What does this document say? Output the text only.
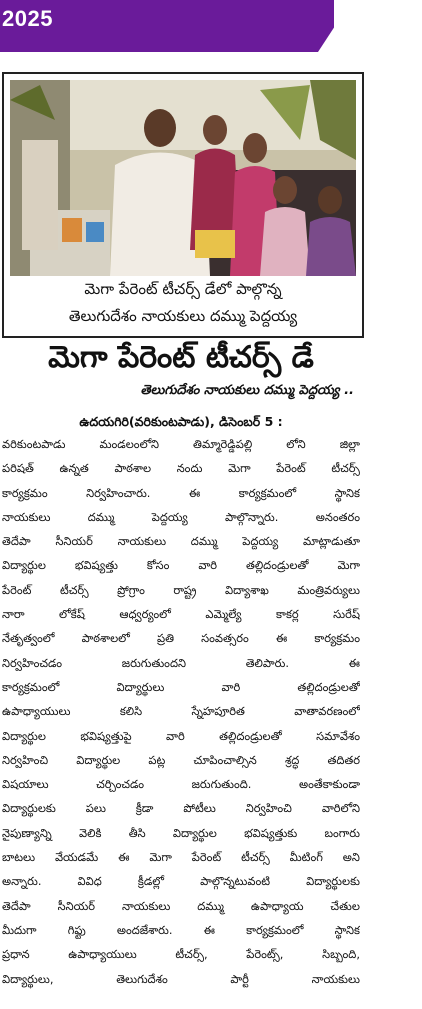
2025
మెగా పేరెంట్ టీచర్స్ డేలో పాల్గొన్న
తెలుగుదేశం నాయకులు దమ్ము పెద్దయ్య
మెగా పేరెంట్ టీచర్స్ డే
తెలుగుదేశం నాయకులు దమ్ము పెద్దయ్య ..
ఉదయగిరి(వరికుంటపాడు), డిసెంబర్ 5 :
వరికుంటపాడు	మండలంలోని	తిమ్మారెడ్డిపల్లి	లోని	జిల్లా
పరిషత్ ఉన్నత పాఠశాల నందు మెగా పేరెంట్ టీచర్స్
కార్యక్రమం	నిర్వహించారు.	ఈ	కార్యక్రమంలో	స్థానిక
నాయకులు	దమ్ము	పెద్దయ్య	పాల్గొన్నారు.	అనంతరం
తెదేపా సీనియర్ నాయకులు దమ్ము పెద్దయ్య మాట్లాడుతూ
విద్యార్థుల	భవిష్యత్తు	కోసం	వారి	తల్లిదండ్రులతో	మెగా
పేరెంట్	టీచర్స్	ప్రోగ్రాం	రాష్ట్ర	విద్యాశాఖ	మంత్రివర్యులు
నారా	లోకేష్	ఆధ్వర్యంలో	ఎమ్మెల్యే	కాకర్ల	సురేష్
నేతృత్వంలో పాఠశాలలో ప్రతి సంవత్సరం ఈ కార్యక్రమం
నిర్వహించడం	జరుగుతుందని	తెలిపారు.	ఈ
కార్యక్రమంలో	విద్యార్థులు	వారి	తల్లిదండ్రులతో
ఉపాధ్యాయులు	కలిసి	స్నేహపూరిత	వాతావరణంలో
విద్యార్థుల	భవిష్యత్తుపై	వారి	తల్లిదండ్రులతో	సమావేశం
నిర్వహించి విద్యార్థుల పట్ల చూపించాల్సిన శ్రద్ధ తదితర
విషయాలు	చర్చించడం	జరుగుతుంది.	అంతేకాకుండా
విద్యార్థులకు	పలు	క్రీడా	పోటీలు	నిర్వహించి	వారిలోని
నైపుణ్యాన్ని వెలికి తీసి విద్యార్థుల భవిష్యత్తుకు బంగారు
బాటలు వేయడమే ఈ మెగా పేరెంట్ టీచర్స్ మీటింగ్ అని
అన్నారు.	వివిధ	క్రీడల్లో	పాల్గొన్నటువంటి	విద్యార్థులకు
తెదేపా సీనియర్ నాయకులు దమ్ము ఉపాధ్యాయ చేతుల
మీదుగా	గిఫ్టు	అందజేశారు.	ఈ	కార్యక్రమంలో	స్థానిక
ప్రధాన	ఉపాధ్యాయులు	టీచర్స్,	పేరెంట్స్,	సిబ్బంది,
విద్యార్థులు,	తెలుగుదేశం	పార్టీ	నాయకులు
